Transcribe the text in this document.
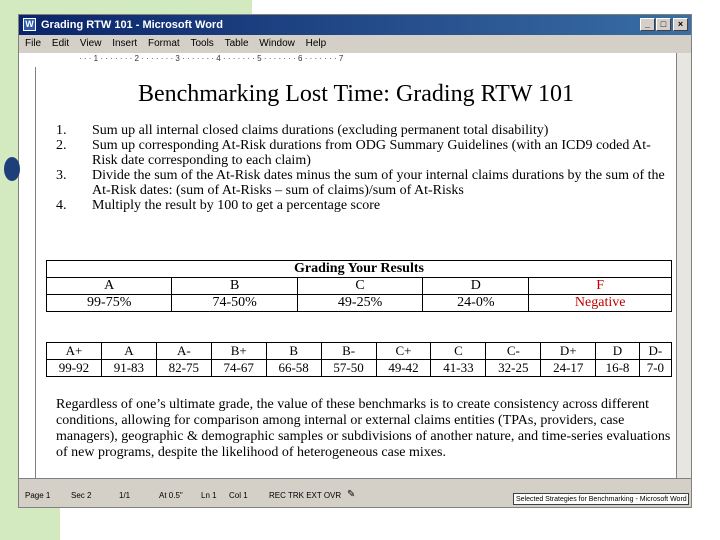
W Grading RTW 101 - Microsoft Word	_	□	×
File Edit View Insert Format Tools Table Window Help
· · · 1 · · · · · · · 2 · · · · · · · 3 · · · · · · · 4 · · · · · · · 5 · · · · · · · 6 · · · · · · · 7
Benchmarking Lost Time: Grading RTW 101
1.	Sum up all internal closed claims durations (excluding permanent total disability)
2.	Sum up corresponding At-Risk durations from ODG Summary Guidelines (with an ICD9 coded At-Risk date corresponding to each claim)
3.	Divide the sum of the At-Risk dates minus the sum of your internal claims durations by the sum of the At-Risk dates: (sum of At-Risks – sum of claims)/sum of At-Risks
4.	Multiply the result by 100 to get a percentage score
Grading Your Results				
A	B	C	D	F
99-75%	74-50%	49-25%	24-0%	Negative
A+	A	A-	B+	B	B-	C+	C	C-	D+	D	D-
99-92	91-83	82-75	74-67	66-58	57-50	49-42	41-33	32-25	24-17	16-8	7-0

Regardless of one’s ultimate grade, the value of these benchmarks is to create consistency across different conditions, allowing for comparison among internal or external claims entities (TPAs, providers, case managers), geographic & demographic samples or subdivisions of another nature, and time-series evaluations of new programs, despite the likelihood of heterogeneous case mixes.

Page 1	Sec 2	1/1	At 0.5" Ln 1 Col 1	REC TRK EXT OVR ✎	Selected Strategies for Benchmarking - Microsoft Word
